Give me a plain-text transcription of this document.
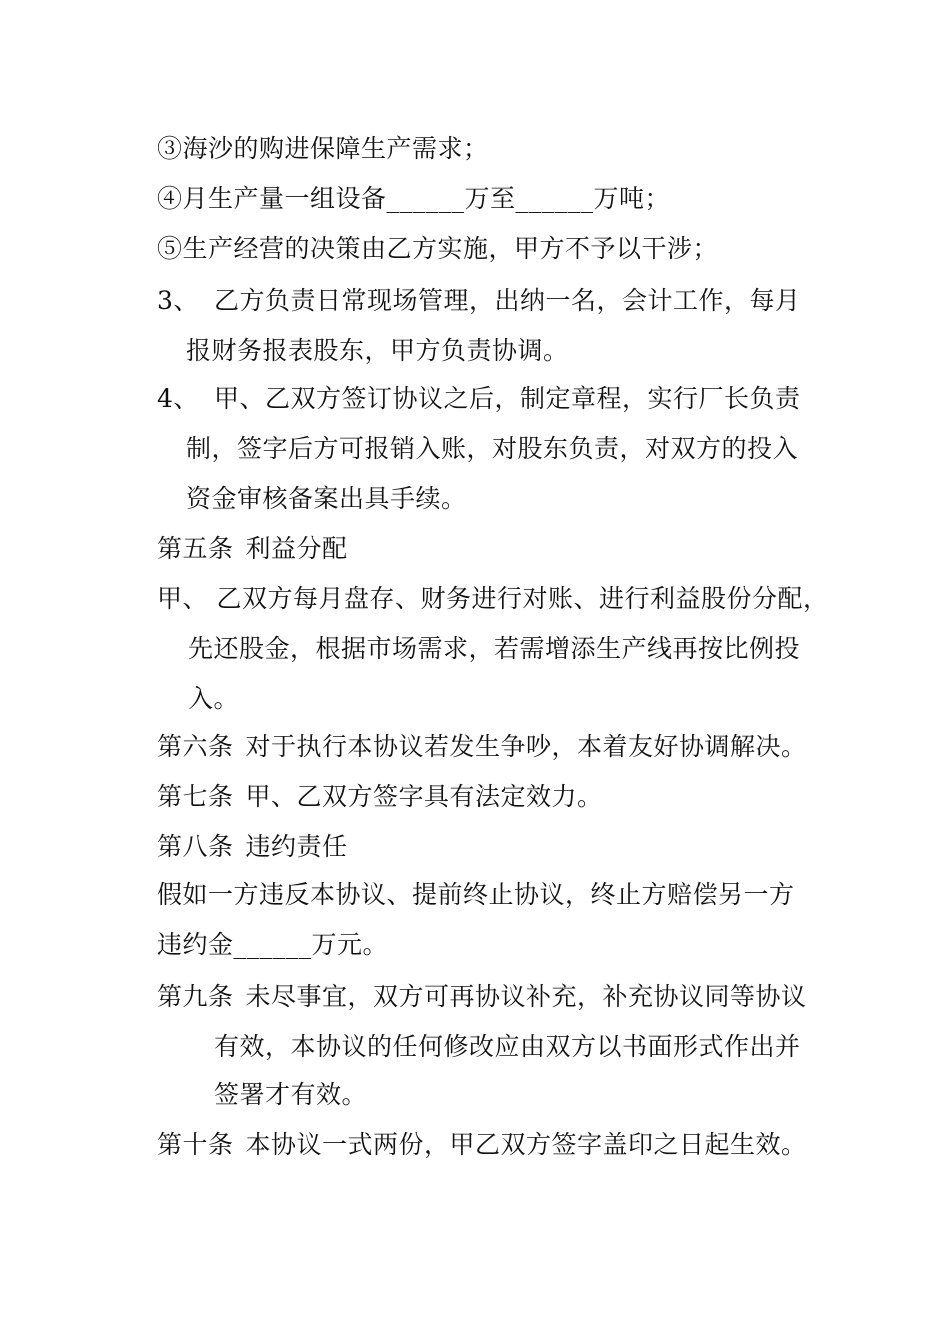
③海沙的购进保障生产需求；
④月生产量一组设备______万至______万吨；
⑤生产经营的决策由乙方实施，甲方不予以干涉；
3、 乙方负责日常现场管理，出纳一名，会计工作，每月
报财务报表股东，甲方负责协调。
4、 甲、乙双方签订协议之后，制定章程，实行厂长负责
制，签字后方可报销入账，对股东负责，对双方的投入
资金审核备案出具手续。
第五条 利益分配
甲、 乙双方每月盘存、财务进行对账、进行利益股份分配，
先还股金，根据市场需求，若需增添生产线再按比例投
入。
第六条 对于执行本协议若发生争吵，本着友好协调解决。
第七条 甲、乙双方签字具有法定效力。
第八条 违约责任
假如一方违反本协议、提前终止协议，终止方赔偿另一方
违约金______万元。
第九条 未尽事宜，双方可再协议补充，补充协议同等协议
有效，本协议的任何修改应由双方以书面形式作出并
签署才有效。
第十条 本协议一式两份，甲乙双方签字盖印之日起生效。
